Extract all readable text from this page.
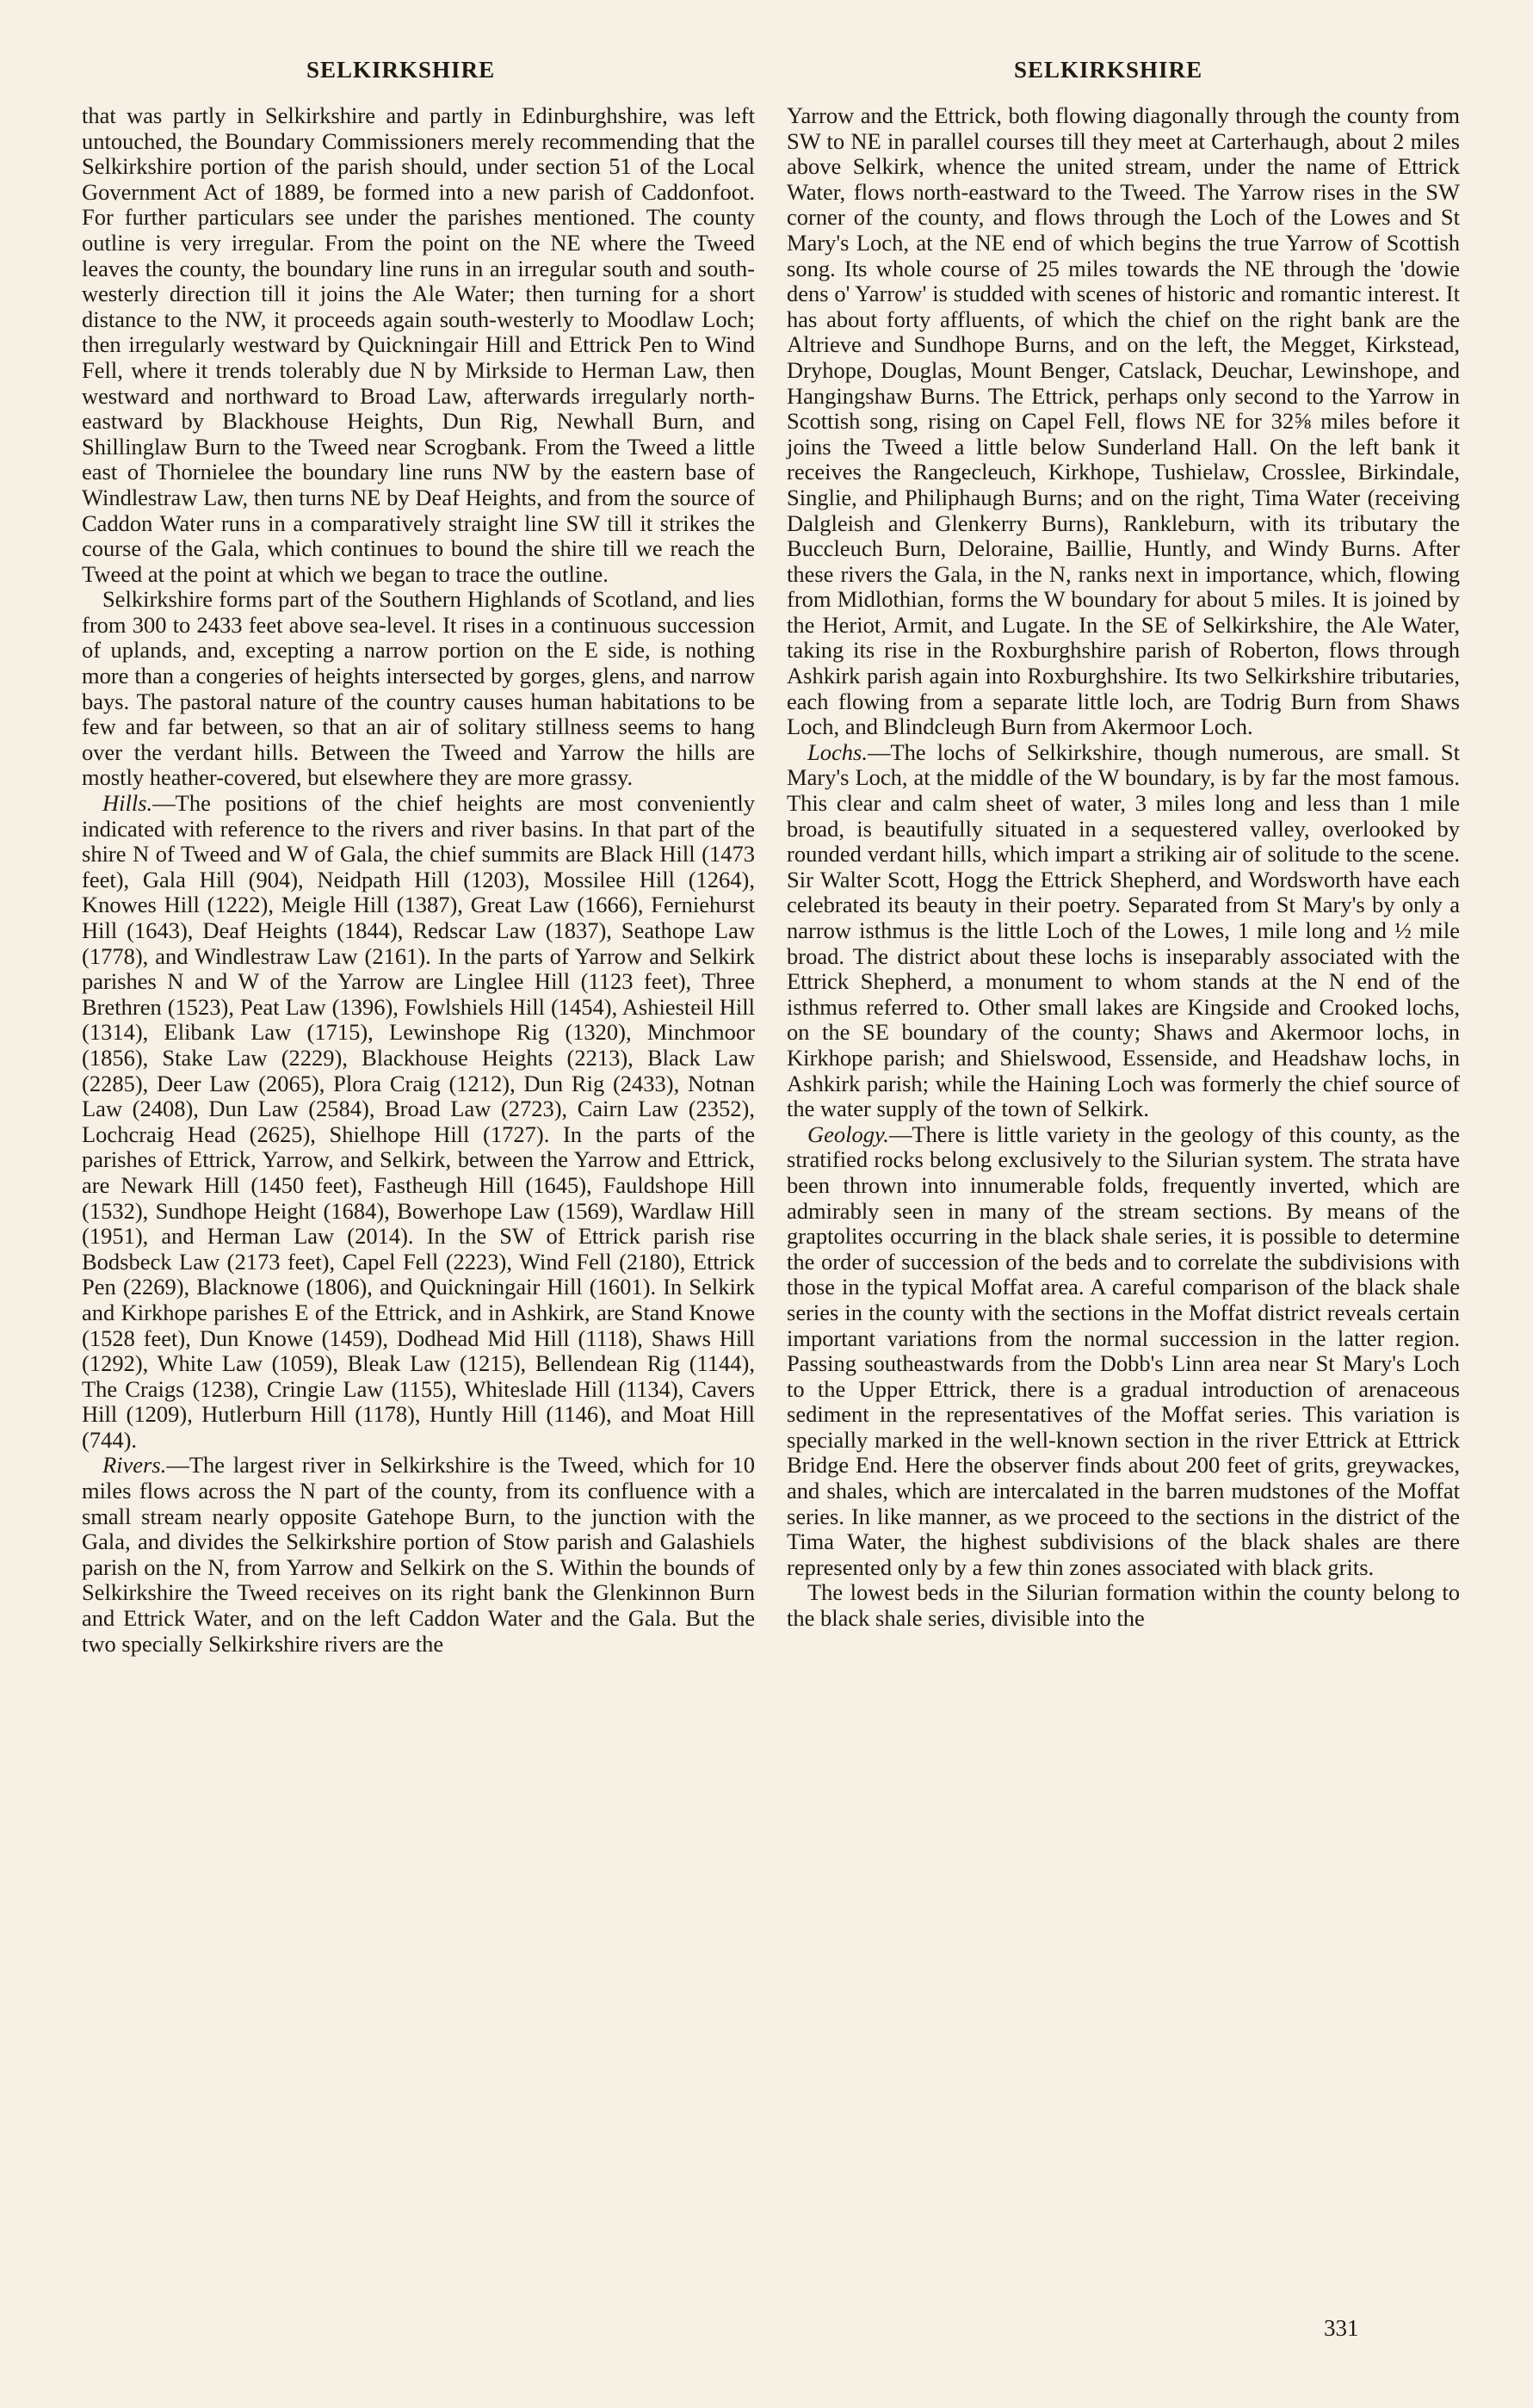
SELKIRKSHIRE	SELKIRKSHIRE

that was partly in Selkirkshire and partly in Edinburghshire, was left untouched, the Boundary Commissioners merely recommending that the Selkirkshire portion of the parish should, under section 51 of the Local Government Act of 1889, be formed into a new parish of Caddonfoot. For further particulars see under the parishes mentioned. The county outline is very irregular. From the point on the NE where the Tweed leaves the county, the boundary line runs in an irregular south and south-westerly direction till it joins the Ale Water; then turning for a short distance to the NW, it proceeds again south-westerly to Moodlaw Loch; then irregularly westward by Quickningair Hill and Ettrick Pen to Wind Fell, where it trends tolerably due N by Mirkside to Herman Law, then westward and northward to Broad Law, afterwards irregularly north-eastward by Blackhouse Heights, Dun Rig, Newhall Burn, and Shillinglaw Burn to the Tweed near Scrogbank. From the Tweed a little east of Thornielee the boundary line runs NW by the eastern base of Windlestraw Law, then turns NE by Deaf Heights, and from the source of Caddon Water runs in a comparatively straight line SW till it strikes the course of the Gala, which continues to bound the shire till we reach the Tweed at the point at which we began to trace the outline.

Selkirkshire forms part of the Southern Highlands of Scotland, and lies from 300 to 2433 feet above sea-level. It rises in a continuous succession of uplands, and, excepting a narrow portion on the E side, is nothing more than a congeries of heights intersected by gorges, glens, and narrow bays. The pastoral nature of the country causes human habitations to be few and far between, so that an air of solitary stillness seems to hang over the verdant hills. Between the Tweed and Yarrow the hills are mostly heather-covered, but elsewhere they are more grassy.

Hills.—The positions of the chief heights are most conveniently indicated with reference to the rivers and river basins. In that part of the shire N of Tweed and W of Gala, the chief summits are Black Hill (1473 feet), Gala Hill (904), Neidpath Hill (1203), Mossilee Hill (1264), Knowes Hill (1222), Meigle Hill (1387), Great Law (1666), Ferniehurst Hill (1643), Deaf Heights (1844), Redscar Law (1837), Seathope Law (1778), and Windlestraw Law (2161). In the parts of Yarrow and Selkirk parishes N and W of the Yarrow are Linglee Hill (1123 feet), Three Brethren (1523), Peat Law (1396), Fowlshiels Hill (1454), Ashiesteil Hill (1314), Elibank Law (1715), Lewinshope Rig (1320), Minchmoor (1856), Stake Law (2229), Blackhouse Heights (2213), Black Law (2285), Deer Law (2065), Plora Craig (1212), Dun Rig (2433), Notnan Law (2408), Dun Law (2584), Broad Law (2723), Cairn Law (2352), Lochcraig Head (2625), Shielhope Hill (1727). In the parts of the parishes of Ettrick, Yarrow, and Selkirk, between the Yarrow and Ettrick, are Newark Hill (1450 feet), Fastheugh Hill (1645), Fauldshope Hill (1532), Sundhope Height (1684), Bowerhope Law (1569), Wardlaw Hill (1951), and Herman Law (2014). In the SW of Ettrick parish rise Bodsbeck Law (2173 feet), Capel Fell (2223), Wind Fell (2180), Ettrick Pen (2269), Blacknowe (1806), and Quickningair Hill (1601). In Selkirk and Kirkhope parishes E of the Ettrick, and in Ashkirk, are Stand Knowe (1528 feet), Dun Knowe (1459), Dodhead Mid Hill (1118), Shaws Hill (1292), White Law (1059), Bleak Law (1215), Bellendean Rig (1144), The Craigs (1238), Cringie Law (1155), Whiteslade Hill (1134), Cavers Hill (1209), Hutlerburn Hill (1178), Huntly Hill (1146), and Moat Hill (744).

Rivers.—The largest river in Selkirkshire is the Tweed, which for 10 miles flows across the N part of the county, from its confluence with a small stream nearly opposite Gatehope Burn, to the junction with the Gala, and divides the Selkirkshire portion of Stow parish and Galashiels parish on the N, from Yarrow and Selkirk on the S. Within the bounds of Selkirkshire the Tweed receives on its right bank the Glenkinnon Burn and Ettrick Water, and on the left Caddon Water and the Gala. But the two specially Selkirkshire rivers are the

Yarrow and the Ettrick, both flowing diagonally through the county from SW to NE in parallel courses till they meet at Carterhaugh, about 2 miles above Selkirk, whence the united stream, under the name of Ettrick Water, flows north-eastward to the Tweed. The Yarrow rises in the SW corner of the county, and flows through the Loch of the Lowes and St Mary's Loch, at the NE end of which begins the true Yarrow of Scottish song. Its whole course of 25 miles towards the NE through the 'dowie dens o' Yarrow' is studded with scenes of historic and romantic interest. It has about forty affluents, of which the chief on the right bank are the Altrieve and Sundhope Burns, and on the left, the Megget, Kirkstead, Dryhope, Douglas, Mount Benger, Catslack, Deuchar, Lewinshope, and Hangingshaw Burns. The Ettrick, perhaps only second to the Yarrow in Scottish song, rising on Capel Fell, flows NE for 32⅝ miles before it joins the Tweed a little below Sunderland Hall. On the left bank it receives the Rangecleuch, Kirkhope, Tushielaw, Crosslee, Birkindale, Singlie, and Philiphaugh Burns; and on the right, Tima Water (receiving Dalgleish and Glenkerry Burns), Rankleburn, with its tributary the Buccleuch Burn, Deloraine, Baillie, Huntly, and Windy Burns. After these rivers the Gala, in the N, ranks next in importance, which, flowing from Midlothian, forms the W boundary for about 5 miles. It is joined by the Heriot, Armit, and Lugate. In the SE of Selkirkshire, the Ale Water, taking its rise in the Roxburghshire parish of Roberton, flows through Ashkirk parish again into Roxburghshire. Its two Selkirkshire tributaries, each flowing from a separate little loch, are Todrig Burn from Shaws Loch, and Blindcleugh Burn from Akermoor Loch.

Lochs.—The lochs of Selkirkshire, though numerous, are small. St Mary's Loch, at the middle of the W boundary, is by far the most famous. This clear and calm sheet of water, 3 miles long and less than 1 mile broad, is beautifully situated in a sequestered valley, overlooked by rounded verdant hills, which impart a striking air of solitude to the scene. Sir Walter Scott, Hogg the Ettrick Shepherd, and Wordsworth have each celebrated its beauty in their poetry. Separated from St Mary's by only a narrow isthmus is the little Loch of the Lowes, 1 mile long and ½ mile broad. The district about these lochs is inseparably associated with the Ettrick Shepherd, a monument to whom stands at the N end of the isthmus referred to. Other small lakes are Kingside and Crooked lochs, on the SE boundary of the county; Shaws and Akermoor lochs, in Kirkhope parish; and Shielswood, Essenside, and Headshaw lochs, in Ashkirk parish; while the Haining Loch was formerly the chief source of the water supply of the town of Selkirk.

Geology.—There is little variety in the geology of this county, as the stratified rocks belong exclusively to the Silurian system. The strata have been thrown into innumerable folds, frequently inverted, which are admirably seen in many of the stream sections. By means of the graptolites occurring in the black shale series, it is possible to determine the order of succession of the beds and to correlate the subdivisions with those in the typical Moffat area. A careful comparison of the black shale series in the county with the sections in the Moffat district reveals certain important variations from the normal succession in the latter region. Passing southeastwards from the Dobb's Linn area near St Mary's Loch to the Upper Ettrick, there is a gradual introduction of arenaceous sediment in the representatives of the Moffat series. This variation is specially marked in the well-known section in the river Ettrick at Ettrick Bridge End. Here the observer finds about 200 feet of grits, greywackes, and shales, which are intercalated in the barren mudstones of the Moffat series. In like manner, as we proceed to the sections in the district of the Tima Water, the highest subdivisions of the black shales are there represented only by a few thin zones associated with black grits.

The lowest beds in the Silurian formation within the county belong to the black shale series, divisible into the

331
